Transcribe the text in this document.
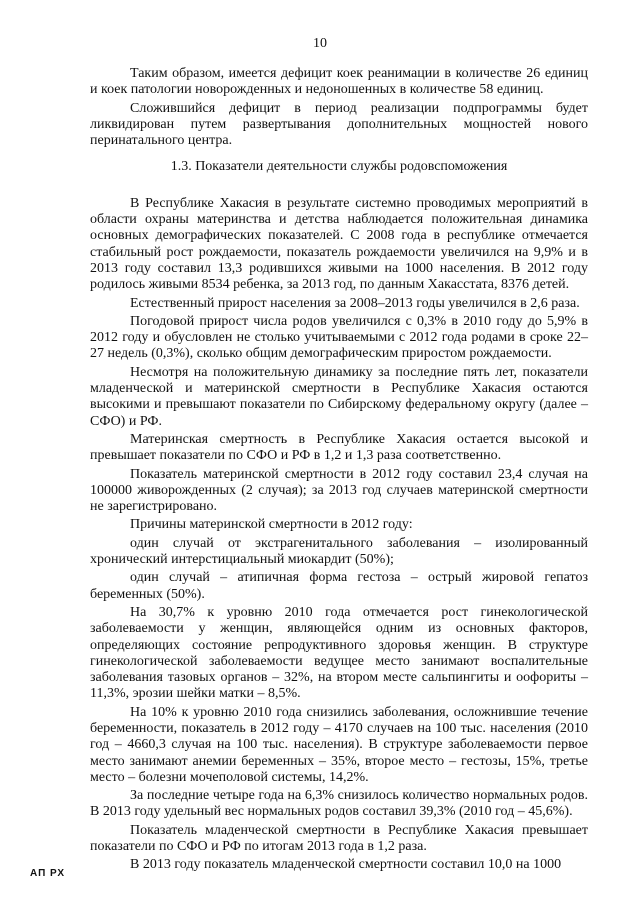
10

Таким образом, имеется дефицит коек реанимации в количестве 26 единиц и коек патологии новорожденных и недоношенных в количестве 58 единиц.

Сложившийся дефицит в период реализации подпрограммы будет ликвидирован путем развертывания дополнительных мощностей нового перинатального центра.

1.3. Показатели деятельности службы родовспоможения

В Республике Хакасия в результате системно проводимых мероприятий в области охраны материнства и детства наблюдается положительная динамика основных демографических показателей. С 2008 года в республике отмечается стабильный рост рождаемости, показатель рождаемости увеличился на 9,9% и в 2013 году составил 13,3 родившихся живыми на 1000 населения. В 2012 году родилось живыми 8534 ребенка, за 2013 год, по данным Хакасстата, 8376 детей.

Естественный прирост населения за 2008–2013 годы увеличился в 2,6 раза.

Погодовой прирост числа родов увеличился с 0,3% в 2010 году до 5,9% в 2012 году и обусловлен не столько учитываемыми с 2012 года родами в сроке 22–27 недель (0,3%), сколько общим демографическим приростом рождаемости.

Несмотря на положительную динамику за последние пять лет, показатели младенческой и материнской смертности в Республике Хакасия остаются высокими и превышают показатели по Сибирскому федеральному округу (далее – СФО) и РФ.

Материнская смертность в Республике Хакасия остается высокой и превышает показатели по СФО и РФ в 1,2 и 1,3 раза соответственно.

Показатель материнской смертности в 2012 году составил 23,4 случая на 100000 живорожденных (2 случая); за 2013 год случаев материнской смертности не зарегистрировано.

Причины материнской смертности в 2012 году:

один случай от экстрагенитального заболевания – изолированный хронический интерстициальный миокардит (50%);

один случай – атипичная форма гестоза – острый жировой гепатоз беременных (50%).

На 30,7% к уровню 2010 года отмечается рост гинекологической заболеваемости у женщин, являющейся одним из основных факторов, определяющих состояние репродуктивного здоровья женщин. В структуре гинекологической заболеваемости ведущее место занимают воспалительные заболевания тазовых органов – 32%, на втором месте сальпингиты и оофориты – 11,3%, эрозии шейки матки – 8,5%.

На 10% к уровню 2010 года снизились заболевания, осложнившие течение беременности, показатель в 2012 году – 4170 случаев на 100 тыс. населения (2010 год – 4660,3 случая на 100 тыс. населения). В структуре заболеваемости первое место занимают анемии беременных – 35%, второе место – гестозы, 15%, третье место – болезни мочеполовой системы, 14,2%.

За последние четыре года на 6,3% снизилось количество нормальных родов. В 2013 году удельный вес нормальных родов составил 39,3% (2010 год – 45,6%).

Показатель младенческой смертности в Республике Хакасия превышает показатели по СФО и РФ по итогам 2013 года в 1,2 раза.

В 2013 году показатель младенческой смертности составил 10,0 на 1000

АП РХ
